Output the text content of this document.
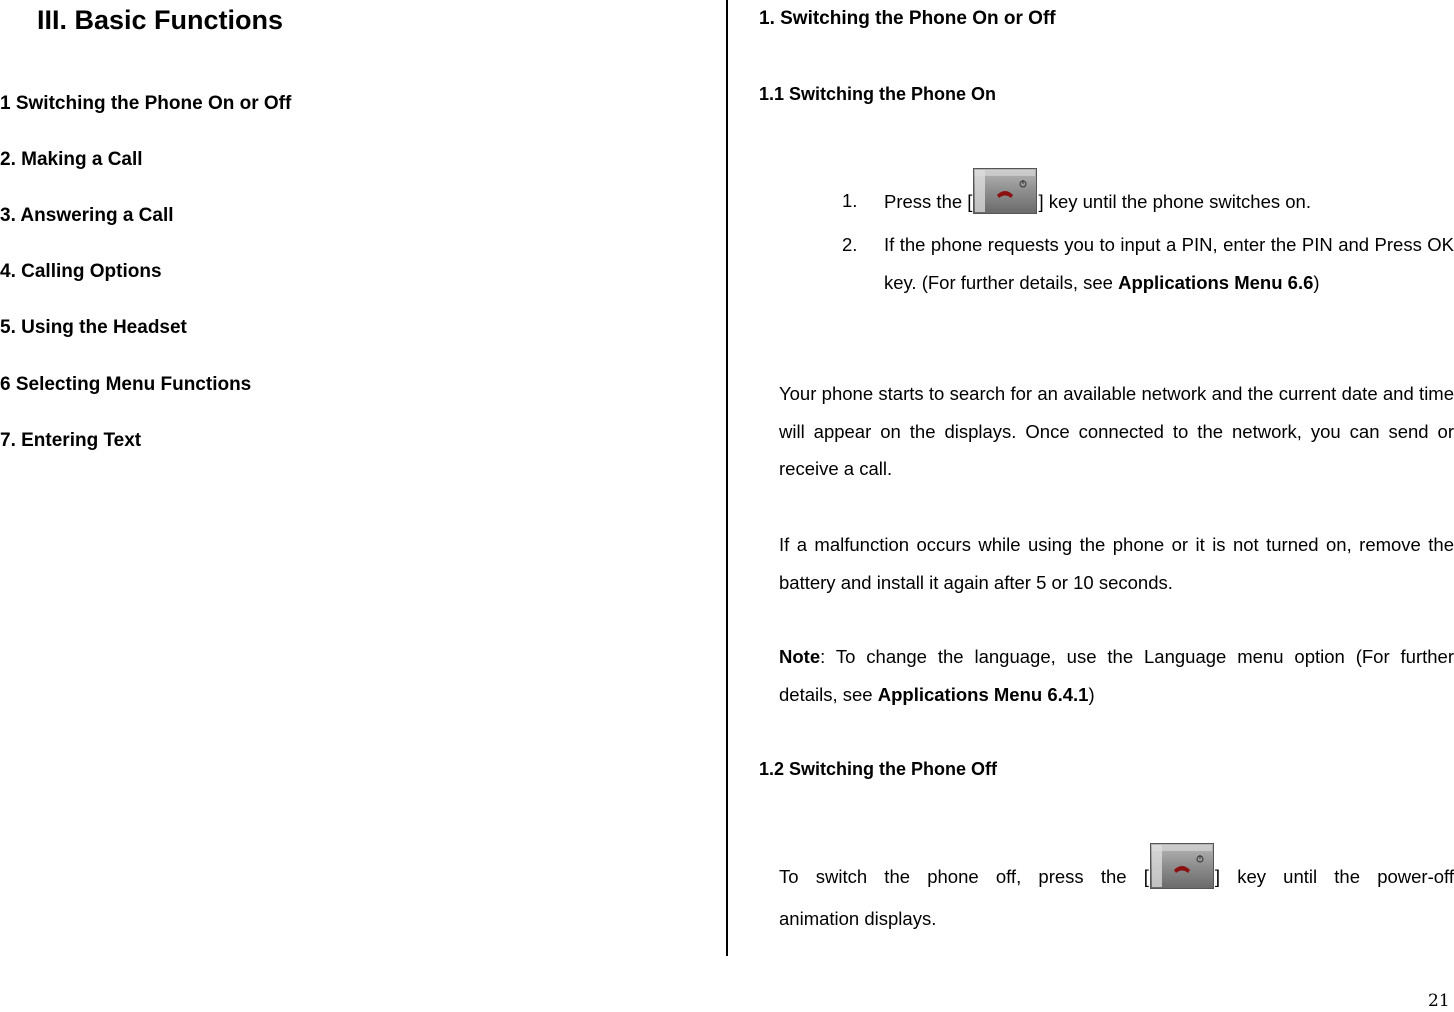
III. Basic Functions
1 Switching the Phone On or Off
2. Making a Call
3. Answering a Call
4. Calling Options
5. Using the Headset
6 Selecting Menu Functions
7. Entering Text
1. Switching the Phone On or Off
1.1 Switching the Phone On
1. Press the [	] key until the phone switches on.
2. If the phone requests you to input a PIN, enter the PIN and Press OK key. (For further details, see Applications Menu 6.6)
Your phone starts to search for an available network and the current date and time will appear on the displays. Once connected to the network, you can send or receive a call.
If a malfunction occurs while using the phone or it is not turned on, remove the battery and install it again after 5 or 10 seconds.
Note: To change the language, use the Language menu option (For further details, see Applications Menu 6.4.1)
1.2 Switching the Phone Off
To switch the phone off, press the [	] key until the power-off
animation displays.
21
